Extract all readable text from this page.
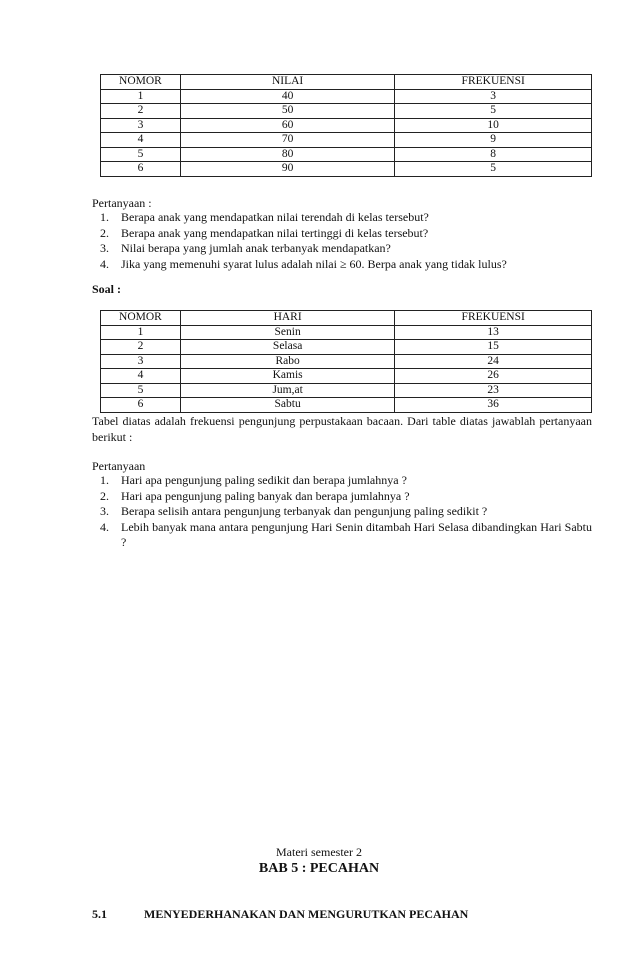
NOMOR	NILAI	FREKUENSI
1	40	3
2	50	5
3	60	10
4	70	9
5	80	8
6	90	5
Pertanyaan :
1.	Berapa anak yang mendapatkan nilai terendah di kelas tersebut?
2.	Berapa anak yang mendapatkan nilai tertinggi di kelas tersebut?
3.	Nilai berapa yang jumlah anak terbanyak mendapatkan?
4.	Jika yang memenuhi syarat lulus adalah nilai ≥ 60. Berpa anak yang tidak lulus?
Soal :
NOMOR	HARI	FREKUENSI
1	Senin	13
2	Selasa	15
3	Rabo	24
4	Kamis	26
5	Jum,at	23
6	Sabtu	36
Tabel diatas adalah frekuensi pengunjung perpustakaan bacaan. Dari table diatas jawablah pertanyaan berikut :
Pertanyaan
1.	Hari apa pengunjung paling sedikit dan berapa jumlahnya ?
2.	Hari apa pengunjung paling banyak dan berapa jumlahnya ?
3.	Berapa selisih antara pengunjung terbanyak dan pengunjung paling sedikit ?
4.	Lebih banyak mana antara pengunjung Hari Senin ditambah Hari Selasa dibandingkan Hari Sabtu ?
Materi semester 2
BAB 5 : PECAHAN
5.1	MENYEDERHANAKAN DAN MENGURUTKAN PECAHAN
